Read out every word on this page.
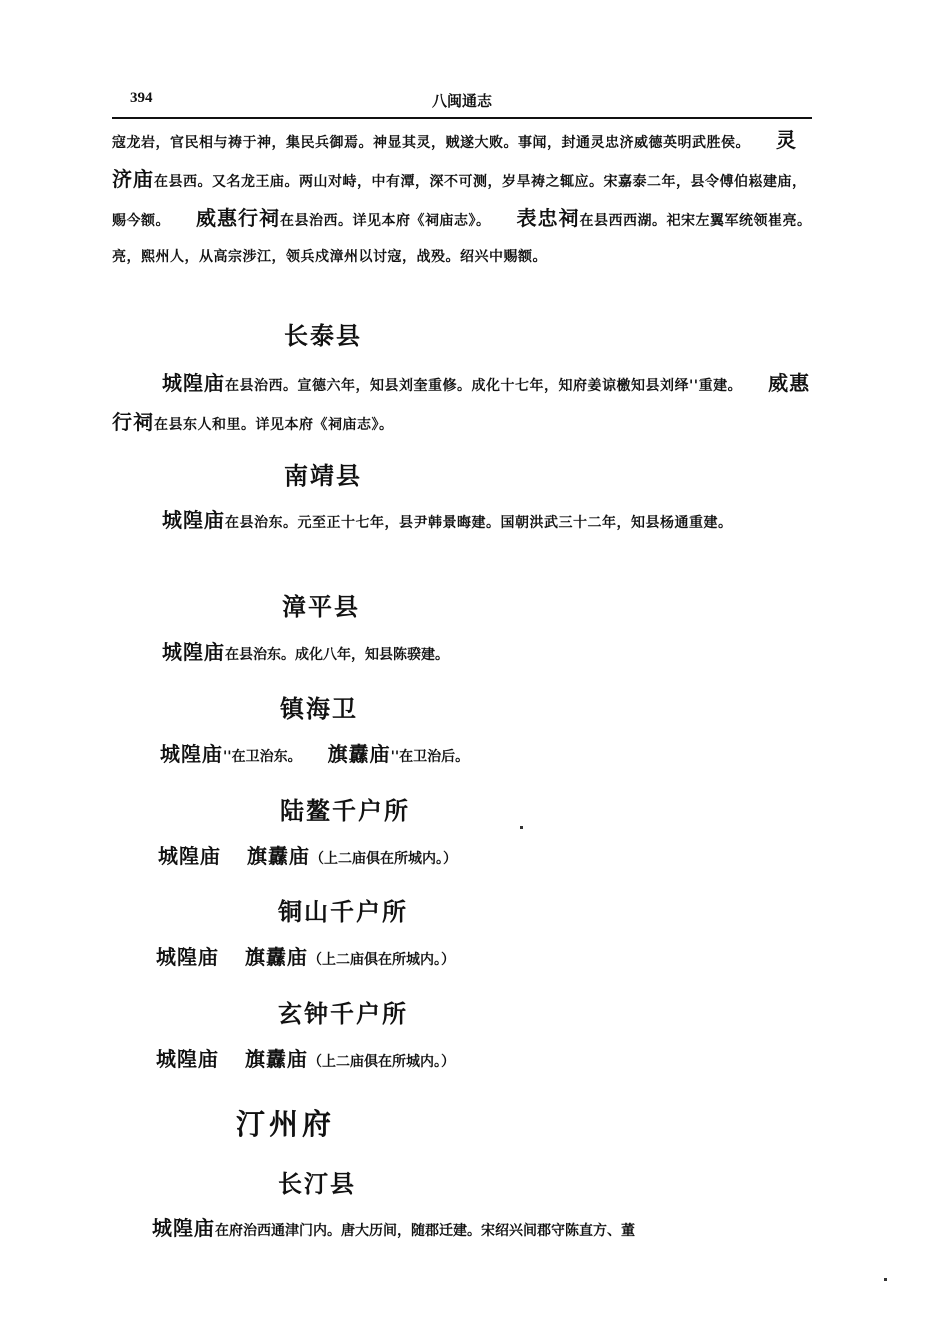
394	八闽通志
寇龙岩，官民相与祷于神，集民兵御焉。神显其灵，贼遂大败。事闻，封通灵忠济威德英明武胜侯。 灵济庙在县西。又名龙王庙。两山对峙，中有潭，深不可测，岁旱祷之辄应。宋嘉泰二年，县令傅伯崧建庙，赐今额。 威惠行祠在县治西。详见本府《祠庙志》。 表忠祠在县西西湖。祀宋左翼军统领崔亮。亮，熙州人，从高宗涉江，领兵戍漳州以讨寇，战殁。绍兴中赐额。
长泰县
城隍庙在县治西。宣德六年，知县刘奎重修。成化十七年，知府姜谅檄知县刘绎''重建。 威惠行祠在县东人和里。详见本府《祠庙志》。
南靖县
城隍庙在县治东。元至正十七年，县尹韩景晦建。国朝洪武三十二年，知县杨通重建。
漳平县
城隍庙在县治东。成化八年，知县陈骙建。
镇海卫
城隍庙''在卫治东。 旗纛庙''在卫治后。
陆鳌千户所
城隍庙 旗纛庙（上二庙俱在所城内。）
铜山千户所
城隍庙 旗纛庙（上二庙俱在所城内。）
玄钟千户所
城隍庙 旗纛庙（上二庙俱在所城内。）
汀州府
长汀县
城隍庙在府治西通津门内。唐大历间，随郡迁建。宋绍兴间郡守陈直方、董
